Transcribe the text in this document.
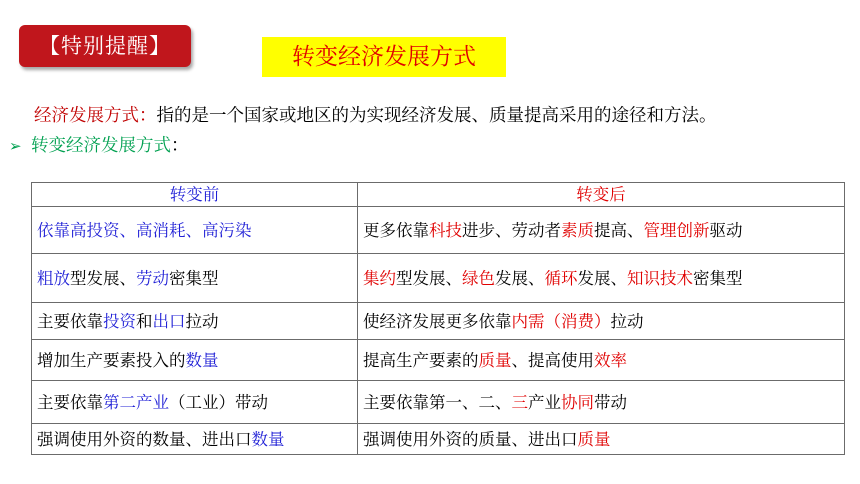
【特别提醒】	转变经济发展方式
经济发展方式：指的是一个国家或地区的为实现经济发展、质量提高采用的途径和方法。
➢ 转变经济发展方式：
转变前	转变后
依靠高投资、高消耗、高污染	更多依靠科技进步、劳动者素质提高、管理创新驱动
粗放型发展、劳动密集型	集约型发展、绿色发展、循环发展、知识技术密集型
主要依靠投资和出口拉动	使经济发展更多依靠内需（消费）拉动
增加生产要素投入的数量	提高生产要素的质量、提高使用效率
主要依靠第二产业（工业）带动	主要依靠第一、二、三产业协同带动
强调使用外资的数量、进出口数量	强调使用外资的质量、进出口质量
